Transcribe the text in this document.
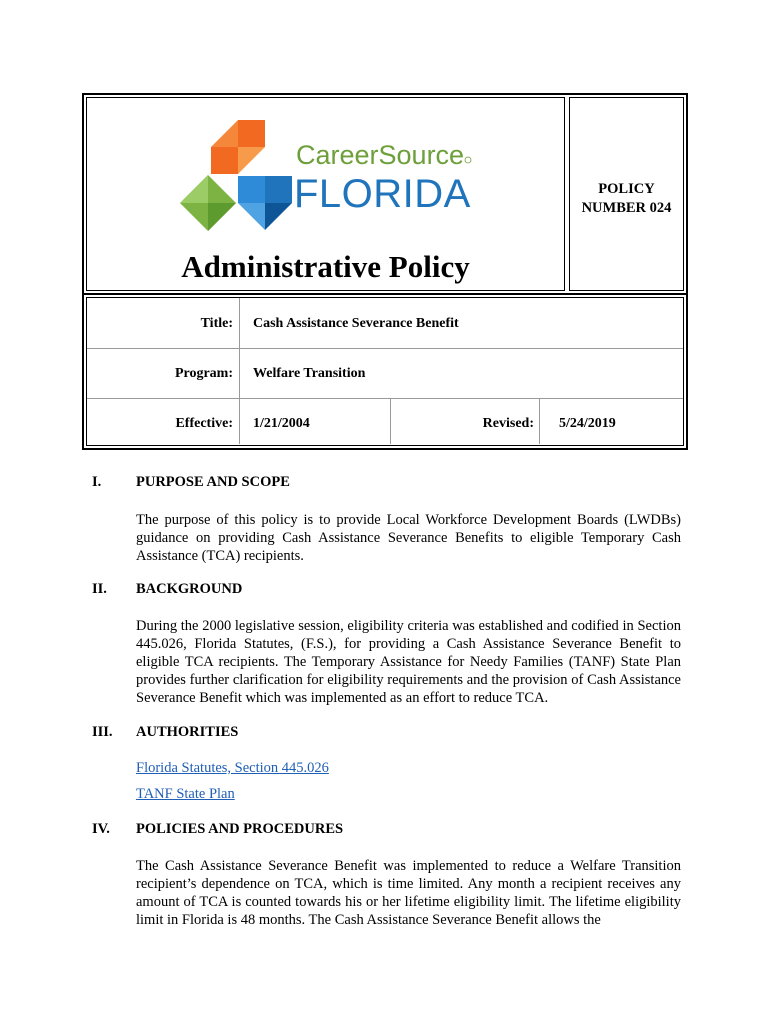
CareerSource
FLORIDA
Administrative Policy
POLICY
NUMBER 024
Title: Cash Assistance Severance Benefit
Program: Welfare Transition
Effective: 1/21/2004	Revised: 5/24/2019
I. PURPOSE AND SCOPE
The purpose of this policy is to provide Local Workforce Development Boards (LWDBs) guidance on providing Cash Assistance Severance Benefits to eligible Temporary Cash Assistance (TCA) recipients.
II. BACKGROUND
During the 2000 legislative session, eligibility criteria was established and codified in Section 445.026, Florida Statutes, (F.S.), for providing a Cash Assistance Severance Benefit to eligible TCA recipients. The Temporary Assistance for Needy Families (TANF) State Plan provides further clarification for eligibility requirements and the provision of Cash Assistance Severance Benefit which was implemented as an effort to reduce TCA.
III. AUTHORITIES
Florida Statutes, Section 445.026
TANF State Plan
IV. POLICIES AND PROCEDURES
The Cash Assistance Severance Benefit was implemented to reduce a Welfare Transition recipient’s dependence on TCA, which is time limited. Any month a recipient receives any amount of TCA is counted towards his or her lifetime eligibility limit. The lifetime eligibility limit in Florida is 48 months. The Cash Assistance Severance Benefit allows the
